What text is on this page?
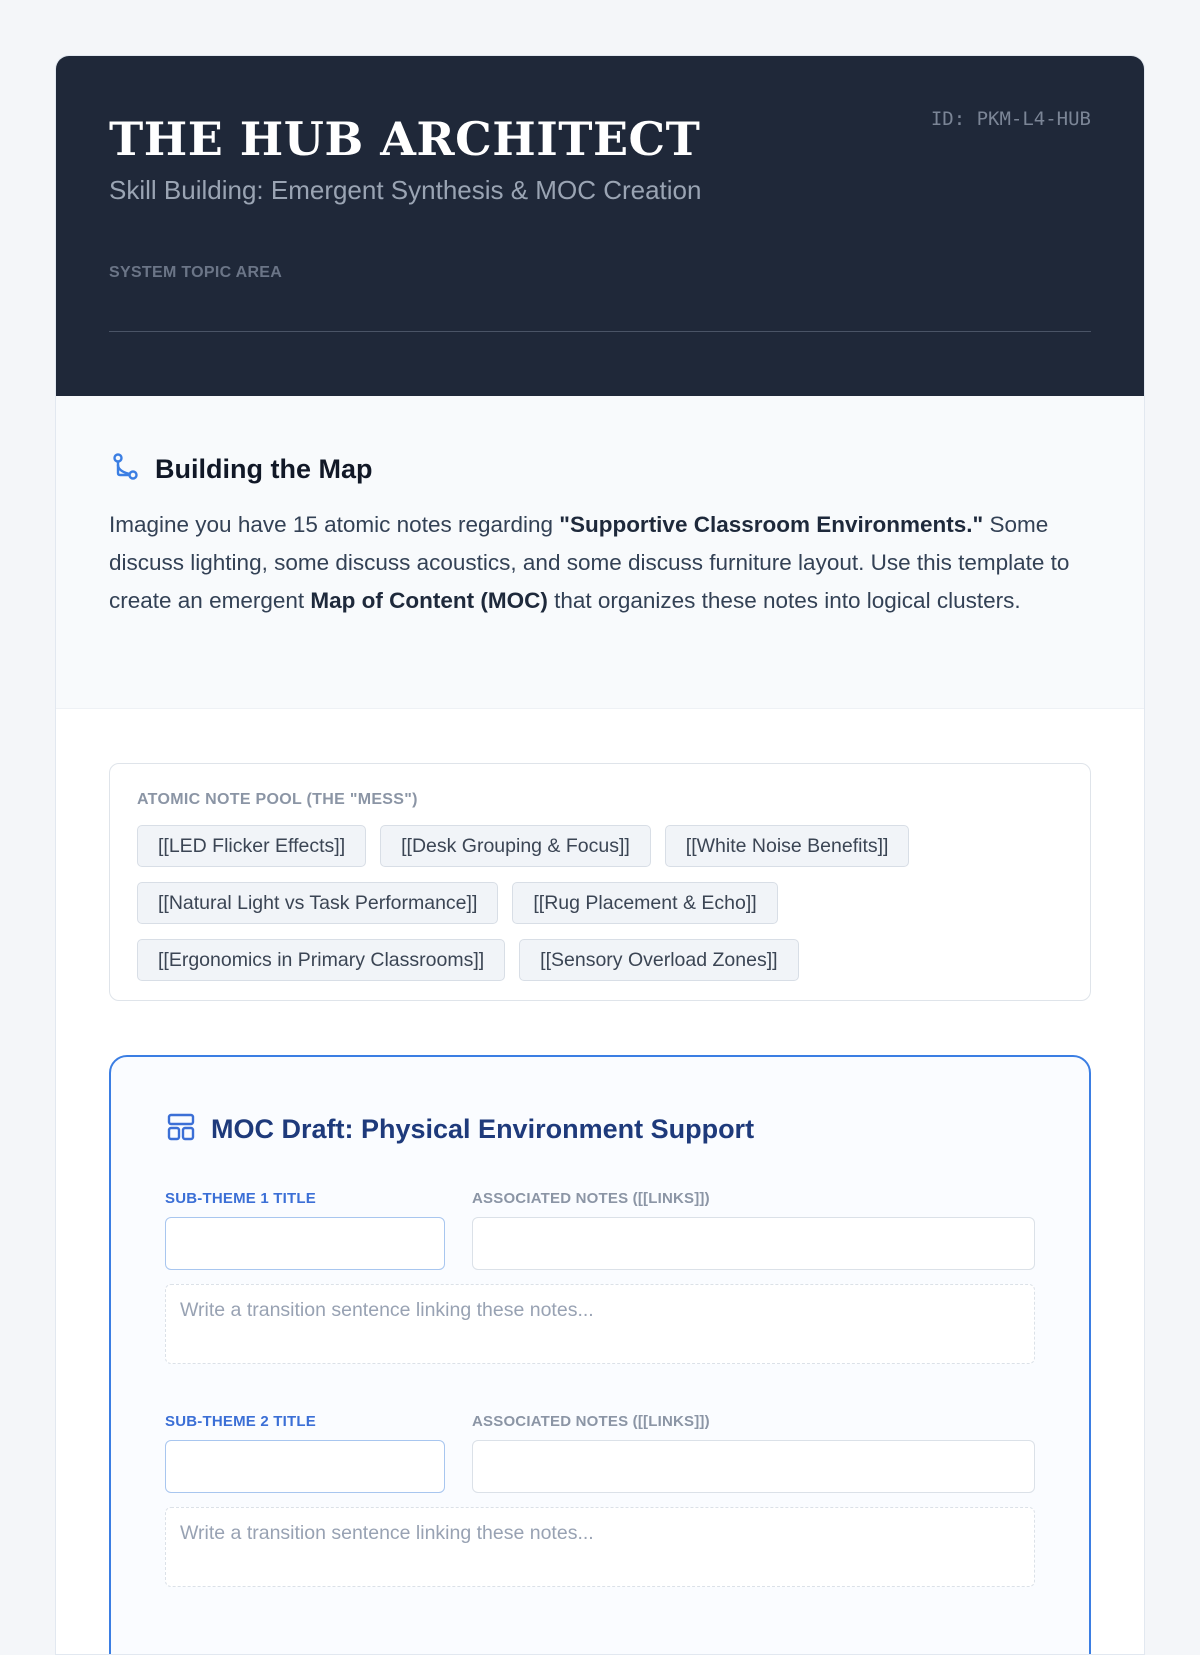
THE HUB ARCHITECT	ID: PKM-L4-HUB
Skill Building: Emergent Synthesis & MOC Creation
SYSTEM TOPIC AREA
Building the Map

Imagine you have 15 atomic notes regarding "Supportive Classroom Environments." Some discuss lighting, some discuss acoustics, and some discuss furniture layout. Use this template to create an emergent Map of Content (MOC) that organizes these notes into logical clusters.

ATOMIC NOTE POOL (THE "MESS")
[[LED Flicker Effects]]	[[Desk Grouping & Focus]]	[[White Noise Benefits]]
[[Natural Light vs Task Performance]]	[[Rug Placement & Echo]]
[[Ergonomics in Primary Classrooms]]	[[Sensory Overload Zones]]
MOC Draft: Physical Environment Support
SUB-THEME 1 TITLE	ASSOCIATED NOTES ([[LINKS]])
Write a transition sentence linking these notes...
SUB-THEME 2 TITLE	ASSOCIATED NOTES ([[LINKS]])
Write a transition sentence linking these notes...
